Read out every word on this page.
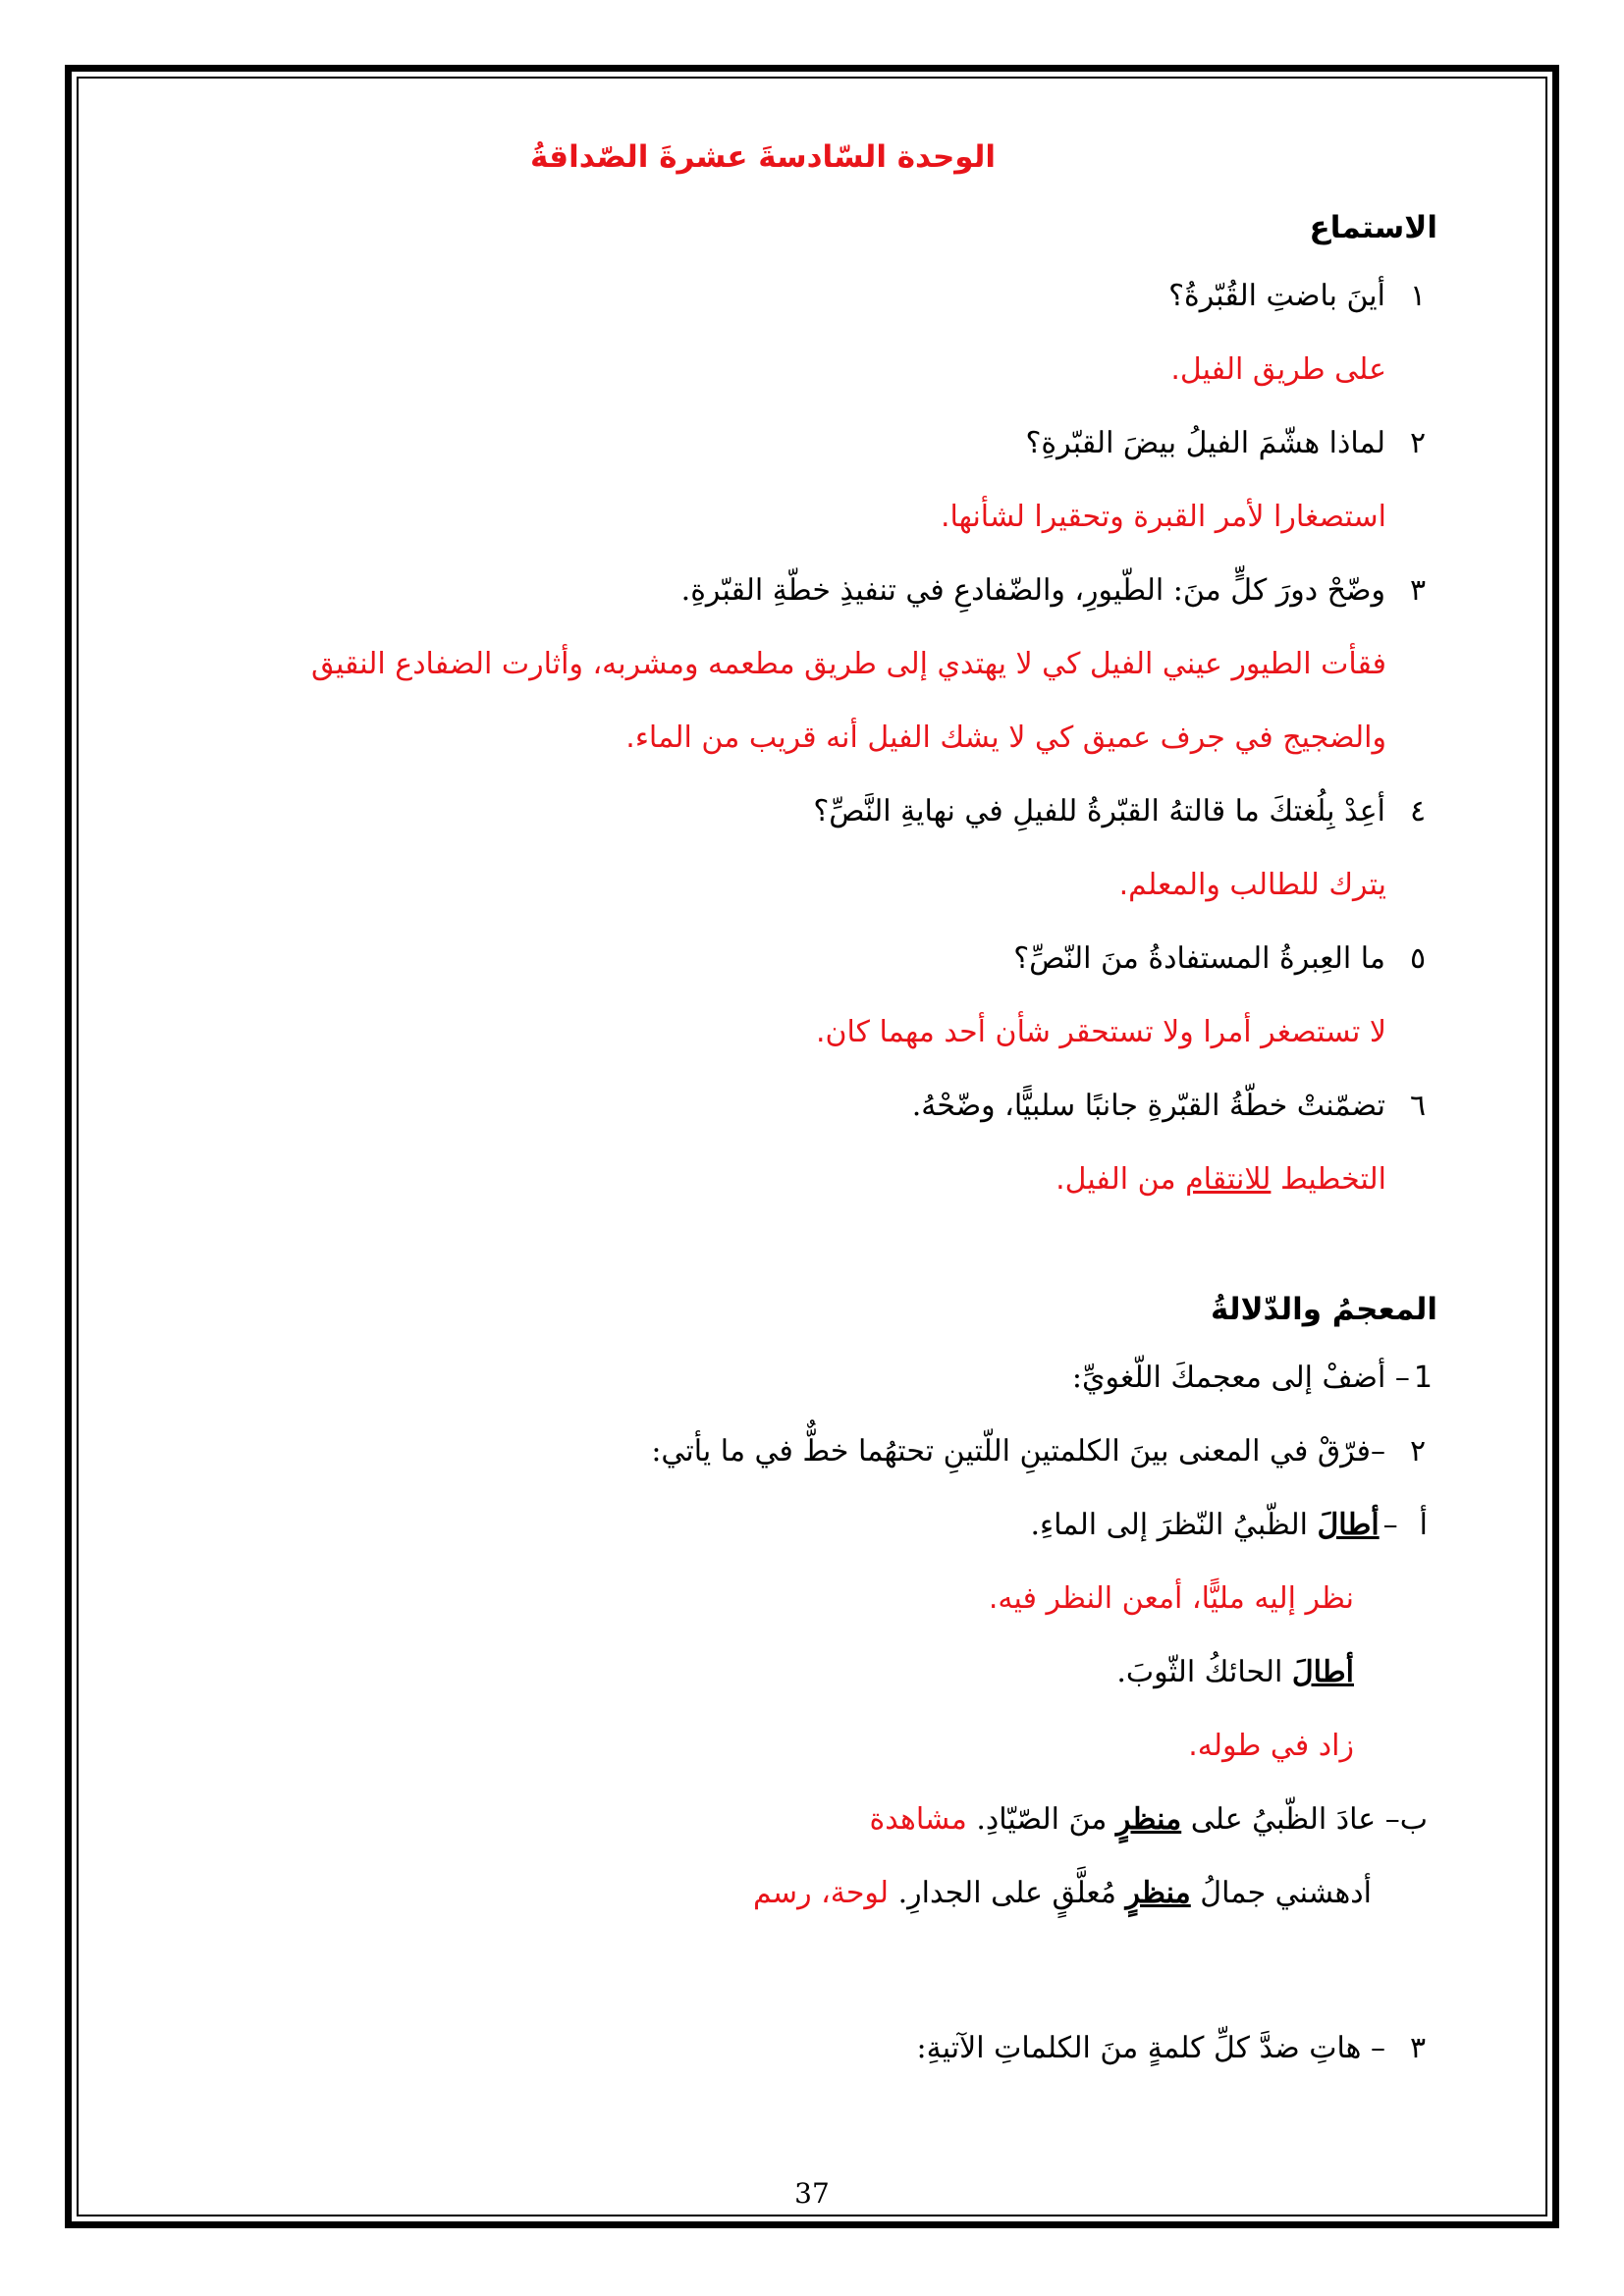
الوحدة السّادسةَ عشرةَ الصّداقةُ
الاستماع
١أينَ باضتِ القُبّرةُ؟
على طريق الفيل.
٢لماذا هشّمَ الفيلُ بيضَ القبّرةِ؟
استصغارا لأمر القبرة وتحقيرا لشأنها.
٣وضّحْ دورَ كلٍّ منَ: الطّيورِ، والضّفادعِ في تنفيذِ خطّةِ القبّرةِ.
فقأت الطيور عيني الفيل كي لا يهتدي إلى طريق مطعمه ومشربه، وأثارت الضفادع النقيق
والضجيج في جرف عميق كي لا يشك الفيل أنه قريب من الماء.
٤أعِدْ بِلُغتكَ ما قالتهُ القبّرةُ للفيلِ في نهايةِ النَّصِّ؟
يترك للطالب والمعلم.
٥ما العِبرةُ المستفادةُ منَ النّصِّ؟
لا تستصغر أمرا ولا تستحقر شأن أحد مهما كان.
٦تضمّنتْ خطّةُ القبّرةِ جانبًا سلبيًّا، وضّحْهُ.
التخطيط للانتقام من الفيل.
المعجمُ والدّلالةُ
1– أضفْ إلى معجمكَ اللّغويِّ:
٢–فرّقْ في المعنى بينَ الكلمتينِ اللّتينِ تحتهُما خطٌّ في ما يأتي:
أ–أطالَ الظّبيُ النّظرَ إلى الماءِ.
نظر إليه مليًّا، أمعن النظر فيه.
أطالَ الحائكُ الثّوبَ.
زاد في طوله.
ب– عادَ الظّبيُ على منظرٍ منَ الصّيّادِ. مشاهدة
أدهشني جمالُ منظرٍ مُعلَّقٍ على الجدارِ. لوحة، رسم
٣– هاتِ ضدَّ كلِّ كلمةٍ منَ الكلماتِ الآتيةِ:
37
